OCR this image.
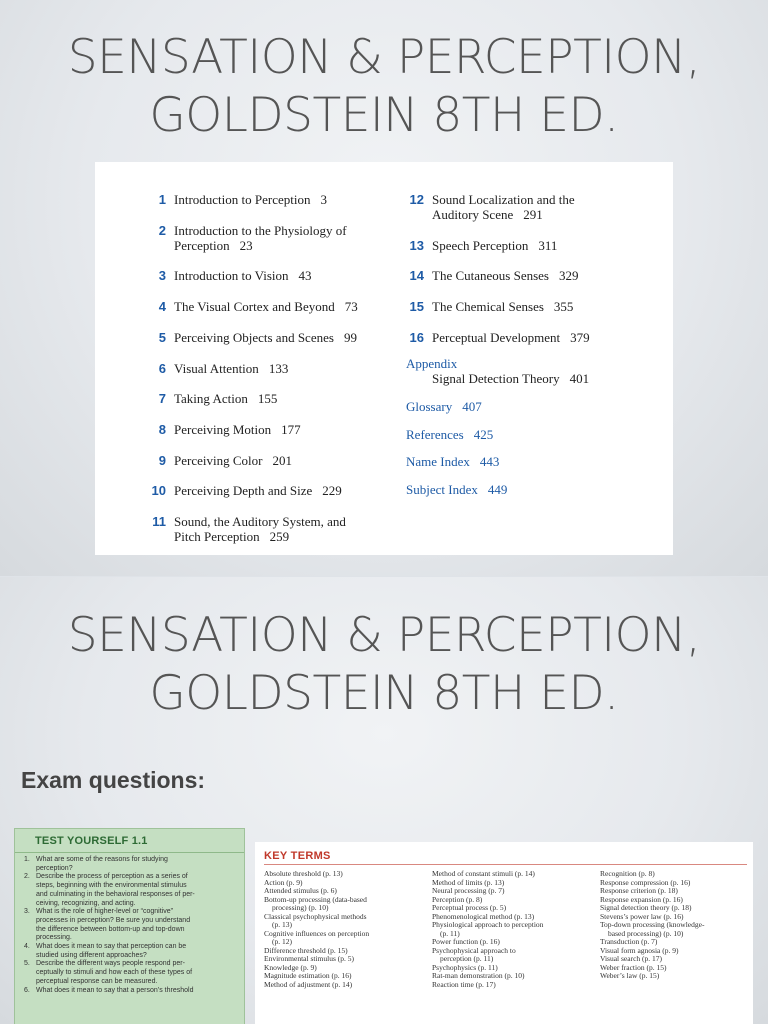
SENSATION & PERCEPTION,
GOLDSTEIN 8TH ED.
1 Introduction to Perception 3
2 Introduction to the Physiology of
Perception 23
3 Introduction to Vision 43
4 The Visual Cortex and Beyond 73
5 Perceiving Objects and Scenes 99
6 Visual Attention 133
7 Taking Action 155
8 Perceiving Motion 177
9 Perceiving Color 201
10 Perceiving Depth and Size 229
11 Sound, the Auditory System, and
Pitch Perception 259
12 Sound Localization and the
Auditory Scene 291
13 Speech Perception 311
14 The Cutaneous Senses 329
15 The Chemical Senses 355
16 Perceptual Development 379
Appendix
Signal Detection Theory 401
Glossary 407
References 425
Name Index 443
Subject Index 449
SENSATION & PERCEPTION,
GOLDSTEIN 8TH ED.
Exam questions:
TEST YOURSELF 1.1
1. What are some of the reasons for studying
perception?
2. Describe the process of perception as a series of
steps, beginning with the environmental stimulus
and culminating in the behavioral responses of per-
ceiving, recognizing, and acting.
3. What is the role of higher-level or “cognitive”
processes in perception? Be sure you understand
the difference between bottom-up and top-down
processing.
4. What does it mean to say that perception can be
studied using different approaches?
5. Describe the different ways people respond per-
ceptually to stimuli and how each of these types of
perceptual response can be measured.
6. What does it mean to say that a person’s threshold
KEY TERMS
Absolute threshold (p. 13)
Action (p. 9)
Attended stimulus (p. 6)
Bottom-up processing (data-based
processing) (p. 10)
Classical psychophysical methods
(p. 13)
Cognitive influences on perception
(p. 12)
Difference threshold (p. 15)
Environmental stimulus (p. 5)
Knowledge (p. 9)
Magnitude estimation (p. 16)
Method of adjustment (p. 14)
Method of constant stimuli (p. 14)
Method of limits (p. 13)
Neural processing (p. 7)
Perception (p. 8)
Perceptual process (p. 5)
Phenomenological method (p. 13)
Physiological approach to perception
(p. 11)
Power function (p. 16)
Psychophysical approach to
perception (p. 11)
Psychophysics (p. 11)
Rat-man demonstration (p. 10)
Reaction time (p. 17)
Recognition (p. 8)
Response compression (p. 16)
Response criterion (p. 18)
Response expansion (p. 16)
Signal detection theory (p. 18)
Stevens’s power law (p. 16)
Top-down processing (knowledge-
based processing) (p. 10)
Transduction (p. 7)
Visual form agnosia (p. 9)
Visual search (p. 17)
Weber fraction (p. 15)
Weber’s law (p. 15)
